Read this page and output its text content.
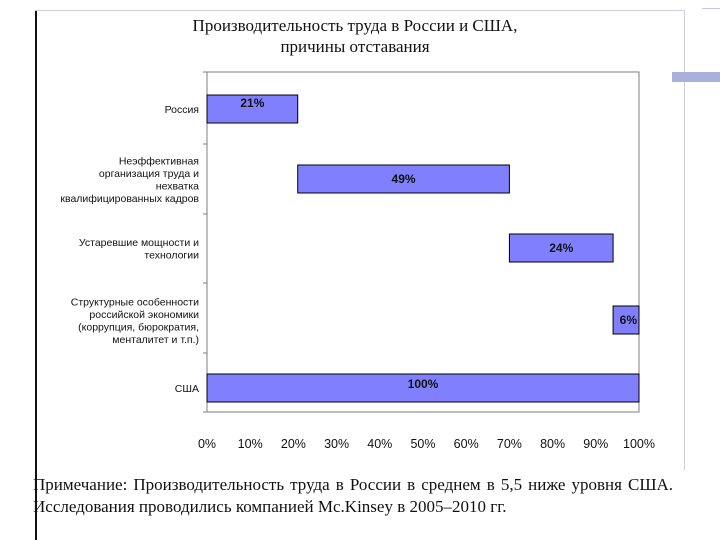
Производительность труда в России и США,
причины отставания
Россия
Неэффективная
организация труда и
нехватка
квалифицированных кадров
Устаревшие мощности и
технологии
Структурные особенности
российской экономики
(коррупция, бюрократия,
менталитет и т.п.)
США
21%
49%
24%
6%
100%
0% 10% 20% 30% 40% 50% 60% 70% 80% 90% 100%
Примечание: Производительность труда в России в среднем в 5,5 ниже уровня США. Исследования проводились компанией Mc.Kinsey в 2005–2010 гг.
